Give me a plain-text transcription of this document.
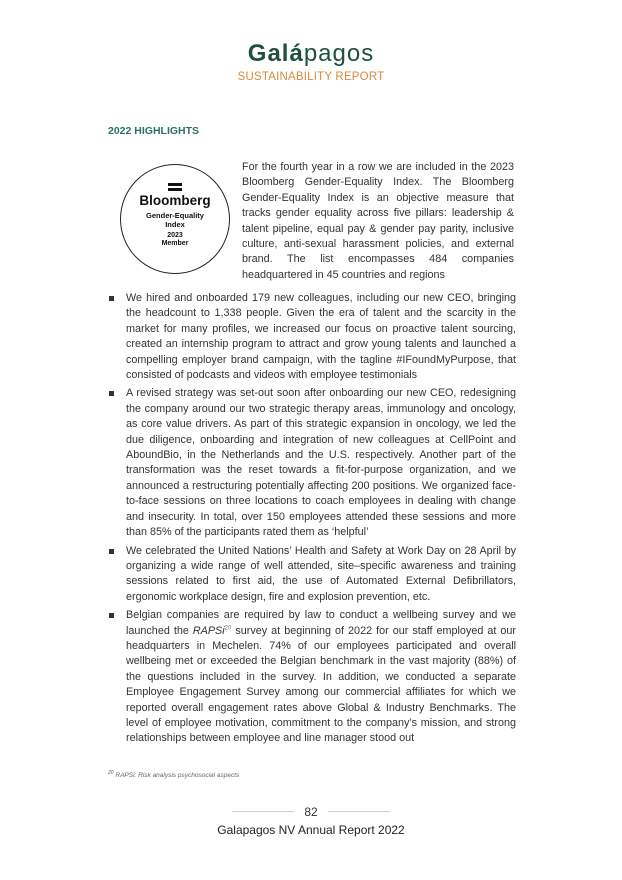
Galápagos
SUSTAINABILITY REPORT
2022 HIGHLIGHTS
Bloomberg
Gender-Equality
Index
2023
Member
For the fourth year in a row we are included in the 2023 Bloomberg Gender-Equality Index. The Bloomberg Gender-Equality Index is an objective measure that tracks gender equality across five pillars: leadership & talent pipeline, equal pay & gender pay parity, inclusive culture, anti-sexual harassment policies, and external brand. The list encompasses 484 companies headquartered in 45 countries and regions
We hired and onboarded 179 new colleagues, including our new CEO, bringing the headcount to 1,338 people. Given the era of talent and the scarcity in the market for many profiles, we increased our focus on proactive talent sourcing, created an internship program to attract and grow young talents and launched a compelling employer brand campaign, with the tagline #IFoundMyPurpose, that consisted of podcasts and videos with employee testimonials
A revised strategy was set-out soon after onboarding our new CEO, redesigning the company around our two strategic therapy areas, immunology and oncology, as core value drivers. As part of this strategic expansion in oncology, we led the due diligence, onboarding and integration of new colleagues at CellPoint and AboundBio, in the Netherlands and the U.S. respectively. Another part of the transformation was the reset towards a fit-for-purpose organization, and we announced a restructuring potentially affecting 200 positions. We organized face-to-face sessions on three locations to coach employees in dealing with change and insecurity. In total, over 150 employees attended these sessions and more than 85% of the participants rated them as ‘helpful’
We celebrated the United Nations’ Health and Safety at Work Day on 28 April by organizing a wide range of well attended, site–specific awareness and training sessions related to first aid, the use of Automated External Defibrillators, ergonomic workplace design, fire and explosion prevention, etc.
Belgian companies are required by law to conduct a wellbeing survey and we launched the RAPSi$^{20}$ survey at beginning of 2022 for our staff employed at our headquarters in Mechelen. 74% of our employees participated and overall wellbeing met or exceeded the Belgian benchmark in the vast majority (88%) of the questions included in the survey. In addition, we conducted a separate Employee Engagement Survey among our commercial affiliates for which we reported overall engagement rates above Global & Industry Benchmarks. The level of employee motivation, commitment to the company’s mission, and strong relationships between employee and line manager stood out
$^{20}$ RAPSi: Risk analysis psychosocial aspects
82
Galapagos NV Annual Report 2022
